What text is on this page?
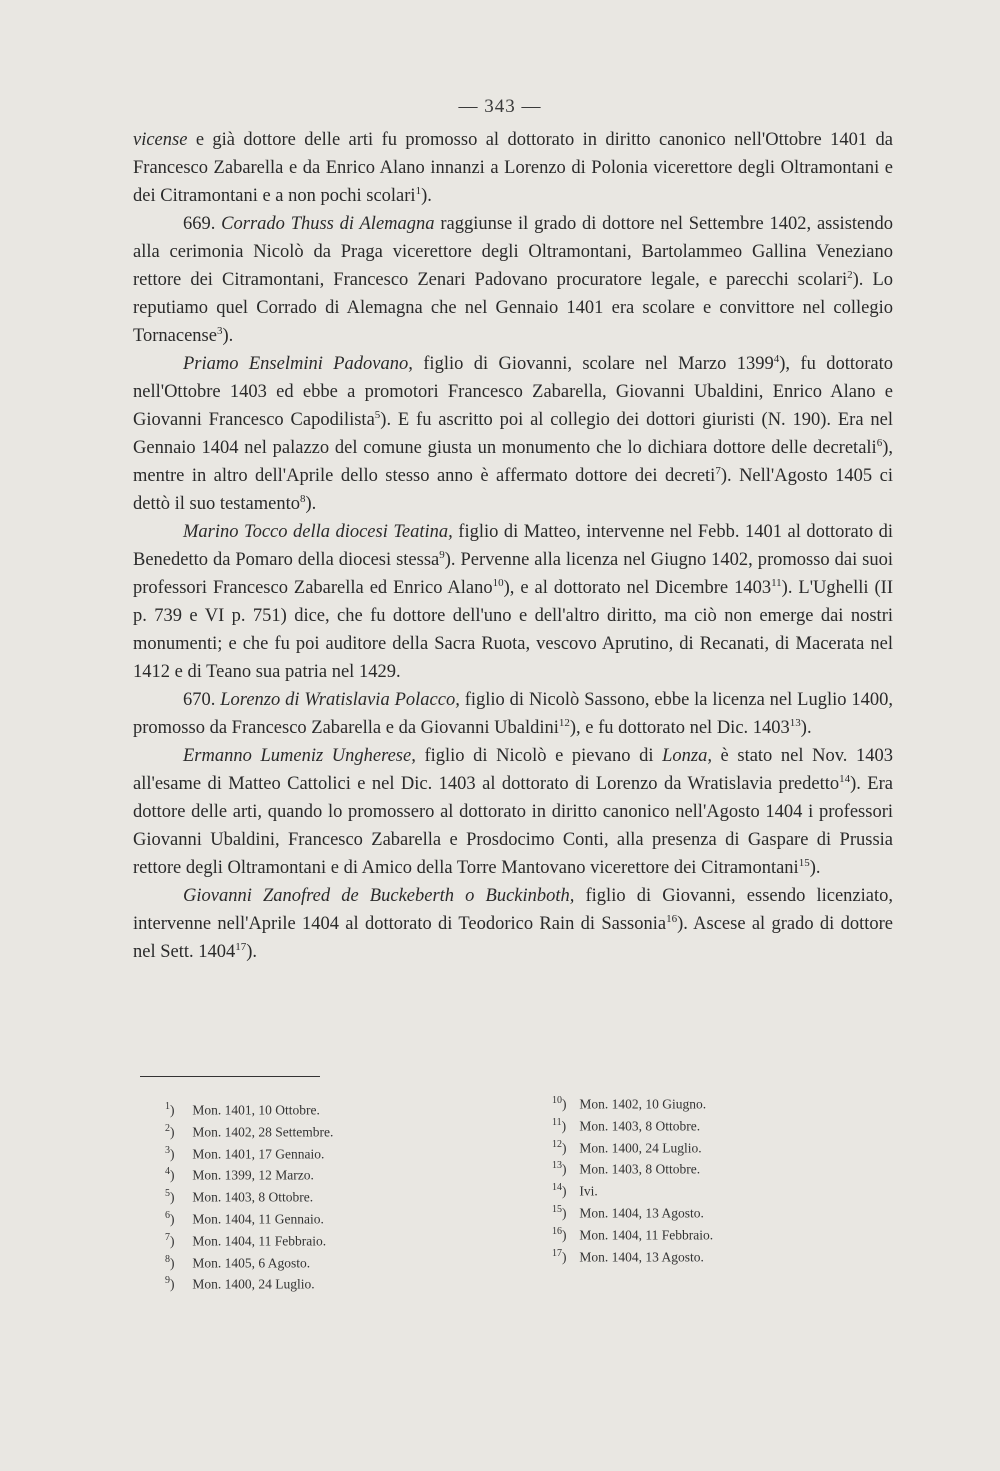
— 343 —

vicense e già dottore delle arti fu promosso al dottorato in diritto canonico nell'Ottobre 1401 da Francesco Zabarella e da Enrico Alano innanzi a Lorenzo di Polonia vicerettore degli Oltramontani e dei Citramontani e a non pochi scolari$^1$).

669. Corrado Thuss di Alemagna raggiunse il grado di dottore nel Settembre 1402, assistendo alla cerimonia Nicolò da Praga vicerettore degli Oltramontani, Bartolammeo Gallina Veneziano rettore dei Citramontani, Francesco Zenari Padovano procuratore legale, e parecchi scolari$^2$). Lo reputiamo quel Corrado di Alemagna che nel Gennaio 1401 era scolare e convittore nel collegio Tornacense$^3$).

Priamo Enselmini Padovano, figlio di Giovanni, scolare nel Marzo 1399$^4$), fu dottorato nell'Ottobre 1403 ed ebbe a promotori Francesco Zabarella, Giovanni Ubaldini, Enrico Alano e Giovanni Francesco Capodilista$^5$). E fu ascritto poi al collegio dei dottori giuristi (N. 190). Era nel Gennaio 1404 nel palazzo del comune giusta un monumento che lo dichiara dottore delle decretali$^6$), mentre in altro dell'Aprile dello stesso anno è affermato dottore dei decreti$^7$). Nell'Agosto 1405 ci dettò il suo testamento$^8$).

Marino Tocco della diocesi Teatina, figlio di Matteo, intervenne nel Febb. 1401 al dottorato di Benedetto da Pomaro della diocesi stessa$^9$). Pervenne alla licenza nel Giugno 1402, promosso dai suoi professori Francesco Zabarella ed Enrico Alano$^{10}$), e al dottorato nel Dicembre 1403$^{11}$). L'Ughelli (II p. 739 e VI p. 751) dice, che fu dottore dell'uno e dell'altro diritto, ma ciò non emerge dai nostri monumenti; e che fu poi auditore della Sacra Ruota, vescovo Aprutino, di Recanati, di Macerata nel 1412 e di Teano sua patria nel 1429.

670. Lorenzo di Wratislavia Polacco, figlio di Nicolò Sassono, ebbe la licenza nel Luglio 1400, promosso da Francesco Zabarella e da Giovanni Ubaldini$^{12}$), e fu dottorato nel Dic. 1403$^{13}$).

Ermanno Lumeniz Ungherese, figlio di Nicolò e pievano di Lonza, è stato nel Nov. 1403 all'esame di Matteo Cattolici e nel Dic. 1403 al dottorato di Lorenzo da Wratislavia predetto$^{14}$). Era dottore delle arti, quando lo promossero al dottorato in diritto canonico nell'Agosto 1404 i professori Giovanni Ubaldini, Francesco Zabarella e Prosdocimo Conti, alla presenza di Gaspare di Prussia rettore degli Oltramontani e di Amico della Torre Mantovano vicerettore dei Citramontani$^{15}$).

Giovanni Zanofred de Buckeberth o Buckinboth, figlio di Giovanni, essendo licenziato, intervenne nell'Aprile 1404 al dottorato di Teodorico Rain di Sassonia$^{16}$). Ascese al grado di dottore nel Sett. 1404$^{17}$).

$^1$) Mon. 1401, 10 Ottobre.
$^2$) Mon. 1402, 28 Settembre.
$^3$) Mon. 1401, 17 Gennaio.
$^4$) Mon. 1399, 12 Marzo.
$^5$) Mon. 1403, 8 Ottobre.
$^6$) Mon. 1404, 11 Gennaio.
$^7$) Mon. 1404, 11 Febbraio.
$^8$) Mon. 1405, 6 Agosto.
$^9$) Mon. 1400, 24 Luglio.
$^{10}$) Mon. 1402, 10 Giugno.
$^{11}$) Mon. 1403, 8 Ottobre.
$^{12}$) Mon. 1400, 24 Luglio.
$^{13}$) Mon. 1403, 8 Ottobre.
$^{14}$) Ivi.
$^{15}$) Mon. 1404, 13 Agosto.
$^{16}$) Mon. 1404, 11 Febbraio.
$^{17}$) Mon. 1404, 13 Agosto.
